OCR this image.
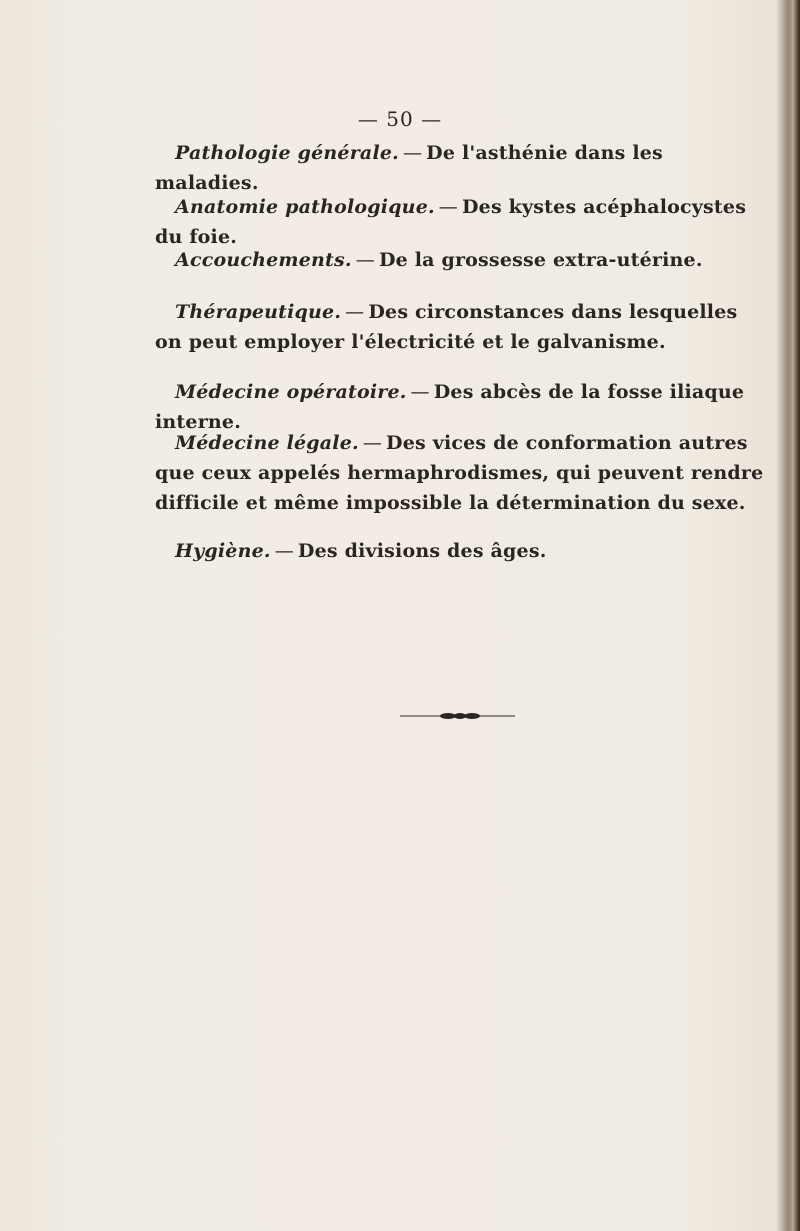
— 50 —
Pathologie générale. — De l'asthénie dans les maladies.
Anatomie pathologique. — Des kystes acéphalocystes du foie.
Accouchements. — De la grossesse extra-utérine.
Thérapeutique. — Des circonstances dans lesquelles on peut employer l'électricité et le galvanisme.
Médecine opératoire. — Des abcès de la fosse iliaque interne.
Médecine légale. — Des vices de conformation autres que ceux appelés hermaphrodismes, qui peuvent rendre difficile et même impossible la détermination du sexe.
Hygiène. — Des divisions des âges.
